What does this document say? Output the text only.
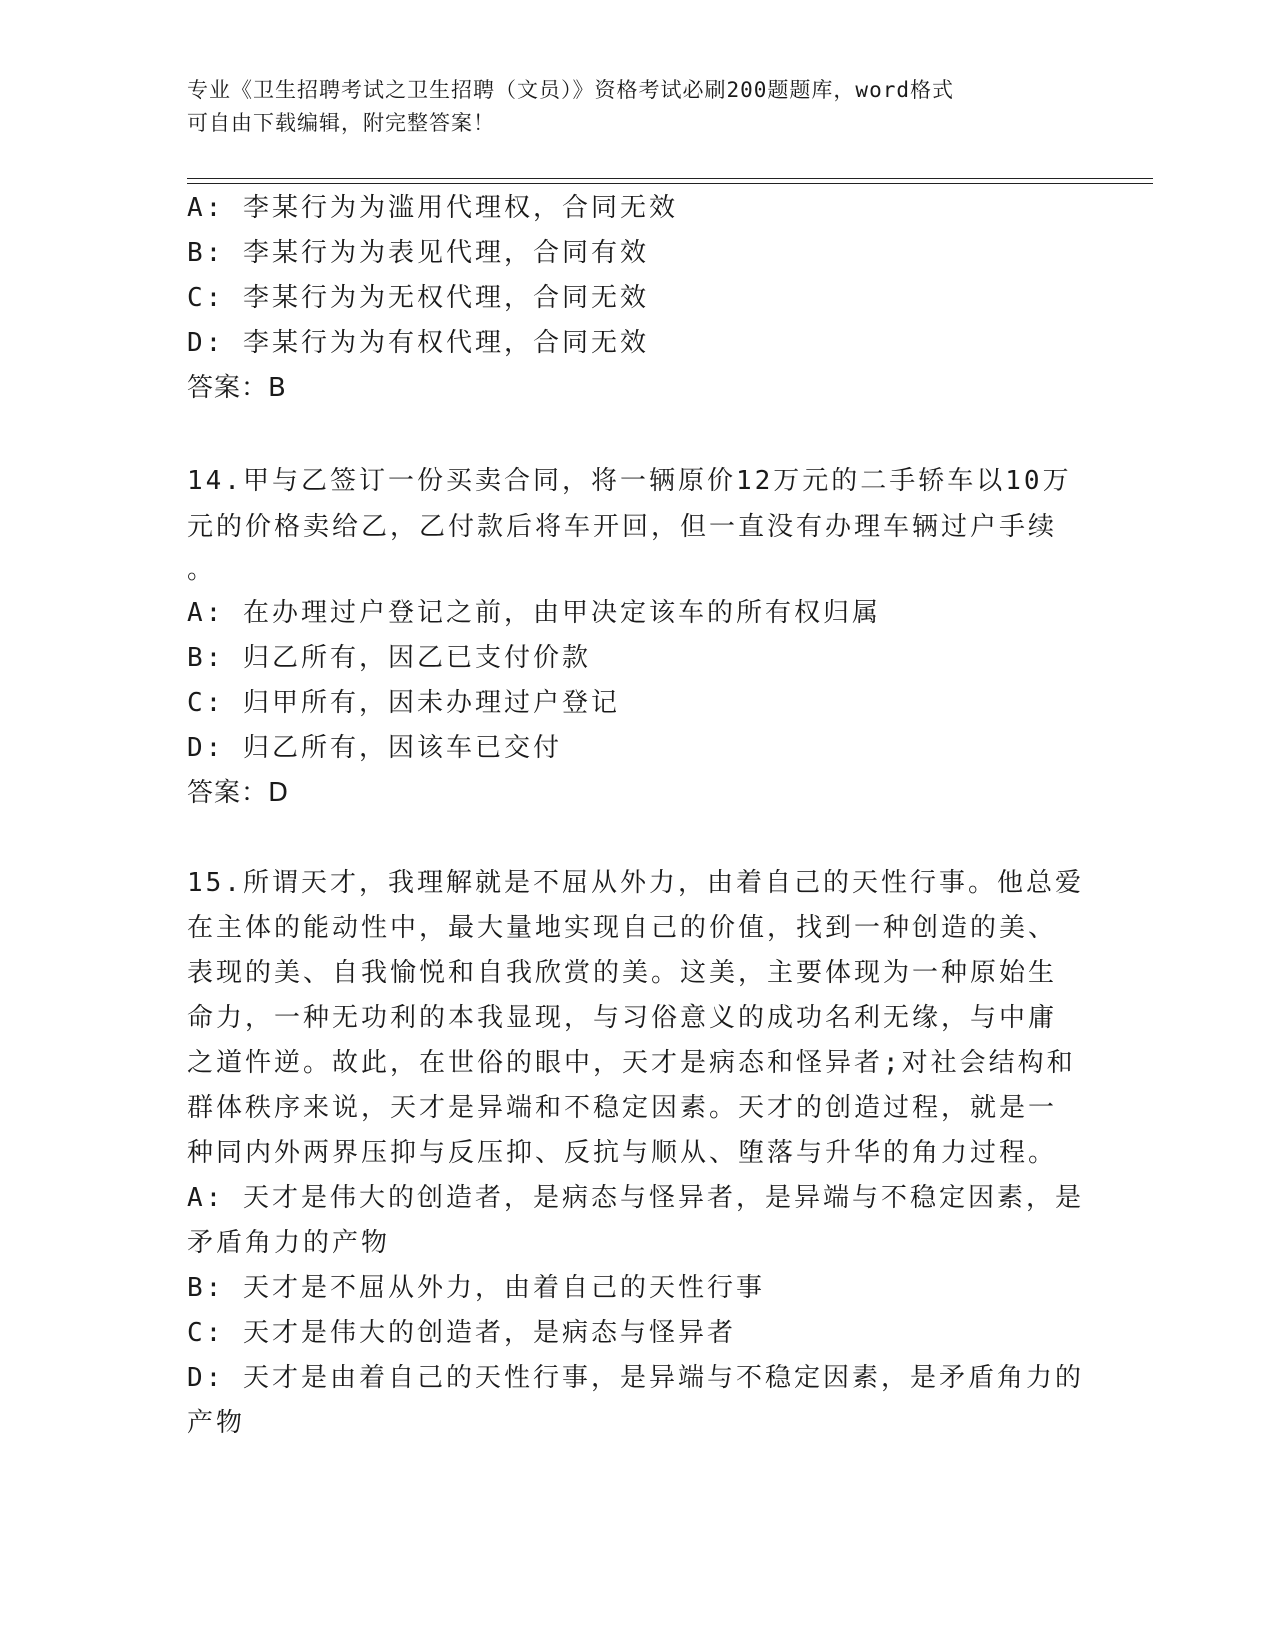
专业《卫生招聘考试之卫生招聘（文员）》资格考试必刷200题题库，word格式
可自由下载编辑，附完整答案！
A: 李某行为为滥用代理权，合同无效
B: 李某行为为表见代理，合同有效
C: 李某行为为无权代理，合同无效
D: 李某行为为有权代理，合同无效
答案：B
14.甲与乙签订一份买卖合同，将一辆原价12万元的二手轿车以10万
元的价格卖给乙，乙付款后将车开回，但一直没有办理车辆过户手续
。
A: 在办理过户登记之前，由甲决定该车的所有权归属
B: 归乙所有，因乙已支付价款
C: 归甲所有，因未办理过户登记
D: 归乙所有，因该车已交付
答案：D
15.所谓天才，我理解就是不屈从外力，由着自己的天性行事。他总爱
在主体的能动性中，最大量地实现自己的价值，找到一种创造的美、
表现的美、自我愉悦和自我欣赏的美。这美，主要体现为一种原始生
命力，一种无功利的本我显现，与习俗意义的成功名利无缘，与中庸
之道忤逆。故此，在世俗的眼中，天才是病态和怪异者;对社会结构和
群体秩序来说，天才是异端和不稳定因素。天才的创造过程，就是一
种同内外两界压抑与反压抑、反抗与顺从、堕落与升华的角力过程。
A: 天才是伟大的创造者，是病态与怪异者，是异端与不稳定因素，是
矛盾角力的产物
B: 天才是不屈从外力，由着自己的天性行事
C: 天才是伟大的创造者，是病态与怪异者
D: 天才是由着自己的天性行事，是异端与不稳定因素，是矛盾角力的
产物
